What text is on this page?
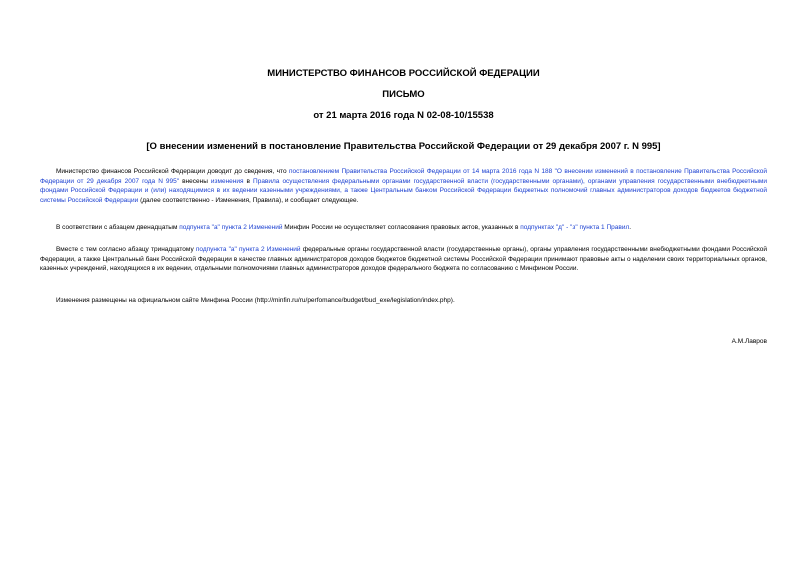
МИНИСТЕРСТВО ФИНАНСОВ РОССИЙСКОЙ ФЕДЕРАЦИИ
ПИСЬМО
от 21 марта 2016 года N 02-08-10/15538
[О внесении изменений в постановление Правительства Российской Федерации от 29 декабря 2007 г. N 995]

Министерство финансов Российской Федерации доводит до сведения, что постановлением Правительства Российской Федерации от 14 марта 2016 года N 188 "О внесении изменений в постановление Правительства Российской Федерации от 29 декабря 2007 года N 995" внесены изменения в Правила осуществления федеральными органами государственной власти (государственными органами), органами управления государственными внебюджетными фондами Российской Федерации и (или) находящимися в их ведении казенными учреждениями, а также Центральным банком Российской Федерации бюджетных полномочий главных администраторов доходов бюджетов бюджетной системы Российской Федерации (далее соответственно - Изменения, Правила), и сообщает следующее.

В соответствии с абзацем двенадцатым подпункта "а" пункта 2 Изменений Минфин России не осуществляет согласования правовых актов, указанных в подпунктах "д" - "з" пункта 1 Правил.

Вместе с тем согласно абзацу тринадцатому подпункта "а" пункта 2 Изменений федеральные органы государственной власти (государственные органы), органы управления государственными внебюджетными фондами Российской Федерации, а также Центральный банк Российской Федерации в качестве главных администраторов доходов бюджетов бюджетной системы Российской Федерации принимают правовые акты о наделении своих территориальных органов, казенных учреждений, находящихся в их ведении, отдельными полномочиями главных администраторов доходов федерального бюджета по согласованию с Минфином России.

Изменения размещены на официальном сайте Минфина России (http://minfin.ru/ru/perfomance/budget/bud_exe/legislation/index.php).

А.М.Лавров
